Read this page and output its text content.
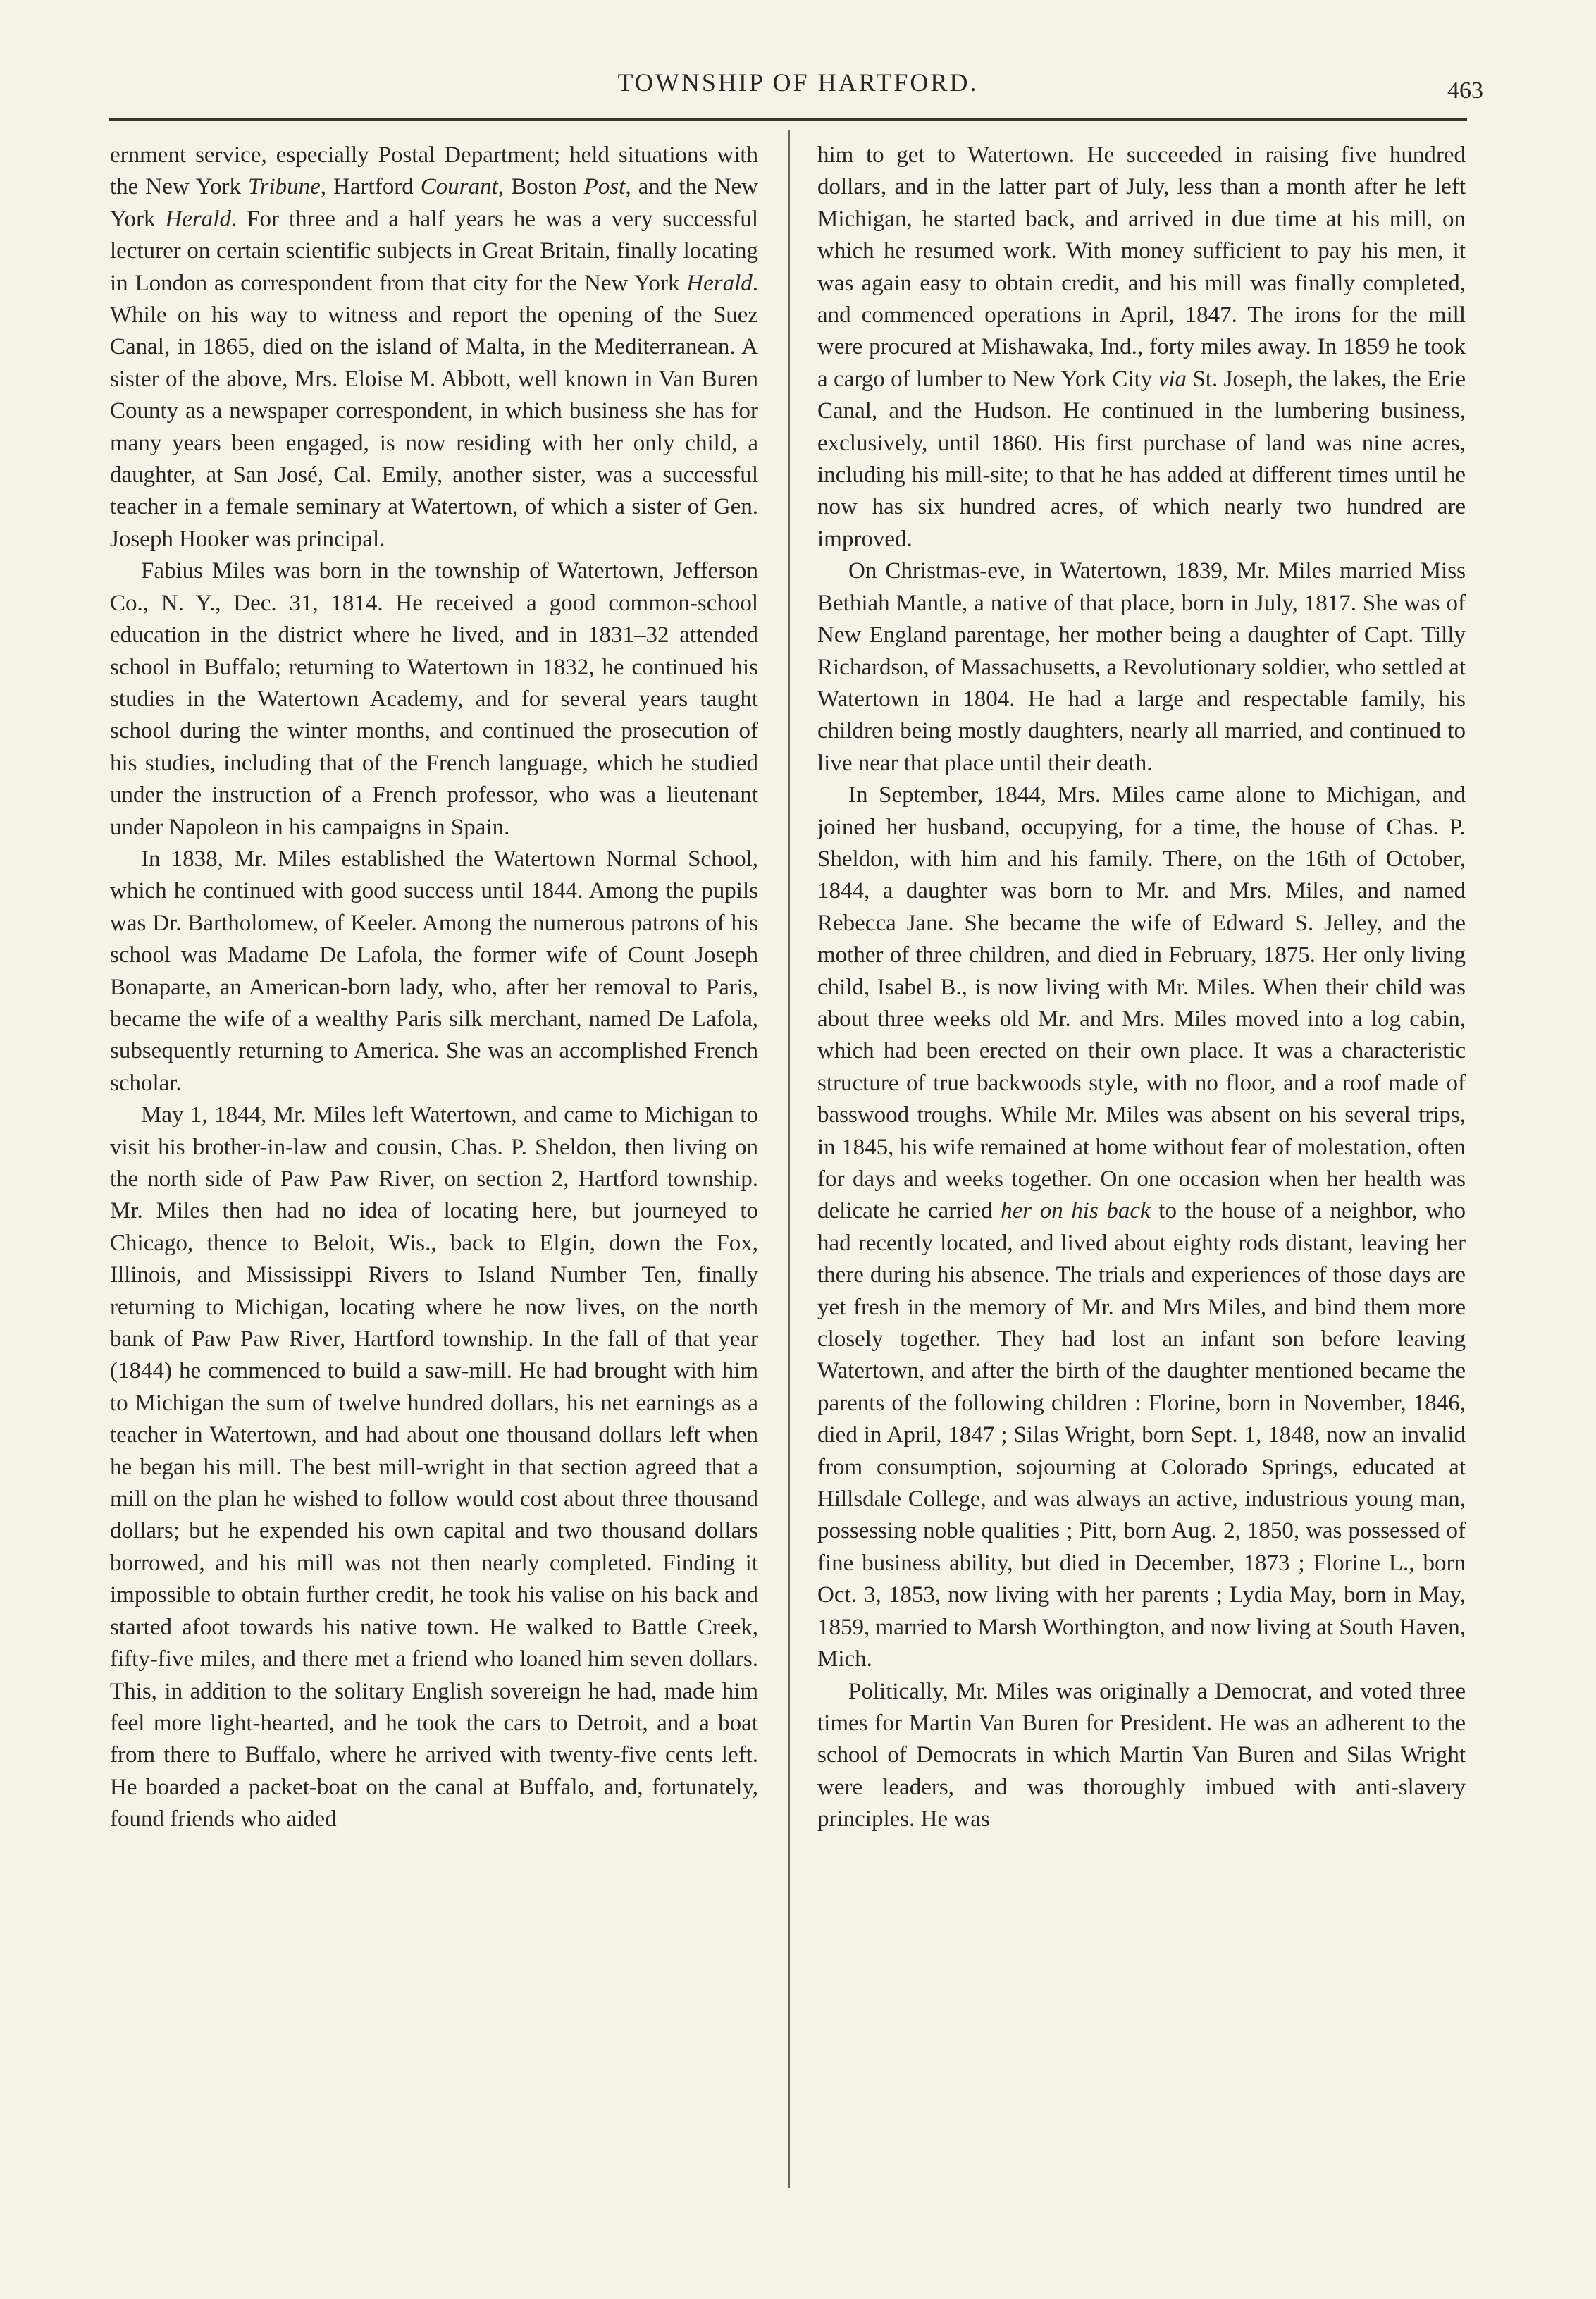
TOWNSHIP OF HARTFORD.	463

ernment service, especially Postal Department; held situations with the New York Tribune, Hartford Courant, Boston Post, and the New York Herald. For three and a half years he was a very successful lecturer on certain scientific subjects in Great Britain, finally locating in London as correspondent from that city for the New York Herald. While on his way to witness and report the opening of the Suez Canal, in 1865, died on the island of Malta, in the Mediterranean. A sister of the above, Mrs. Eloise M. Abbott, well known in Van Buren County as a newspaper correspondent, in which business she has for many years been engaged, is now residing with her only child, a daughter, at San José, Cal. Emily, another sister, was a successful teacher in a female seminary at Watertown, of which a sister of Gen. Joseph Hooker was principal.

Fabius Miles was born in the township of Watertown, Jefferson Co., N. Y., Dec. 31, 1814. He received a good common-school education in the district where he lived, and in 1831–32 attended school in Buffalo; returning to Watertown in 1832, he continued his studies in the Watertown Academy, and for several years taught school during the winter months, and continued the prosecution of his studies, including that of the French language, which he studied under the instruction of a French professor, who was a lieutenant under Napoleon in his campaigns in Spain.

In 1838, Mr. Miles established the Watertown Normal School, which he continued with good success until 1844. Among the pupils was Dr. Bartholomew, of Keeler. Among the numerous patrons of his school was Madame De Lafola, the former wife of Count Joseph Bonaparte, an American-born lady, who, after her removal to Paris, became the wife of a wealthy Paris silk merchant, named De Lafola, subsequently returning to America. She was an accomplished French scholar.

May 1, 1844, Mr. Miles left Watertown, and came to Michigan to visit his brother-in-law and cousin, Chas. P. Sheldon, then living on the north side of Paw Paw River, on section 2, Hartford township. Mr. Miles then had no idea of locating here, but journeyed to Chicago, thence to Beloit, Wis., back to Elgin, down the Fox, Illinois, and Mississippi Rivers to Island Number Ten, finally returning to Michigan, locating where he now lives, on the north bank of Paw Paw River, Hartford township. In the fall of that year (1844) he commenced to build a saw-mill. He had brought with him to Michigan the sum of twelve hundred dollars, his net earnings as a teacher in Watertown, and had about one thousand dollars left when he began his mill. The best mill-wright in that section agreed that a mill on the plan he wished to follow would cost about three thousand dollars; but he expended his own capital and two thousand dollars borrowed, and his mill was not then nearly completed. Finding it impossible to obtain further credit, he took his valise on his back and started afoot towards his native town. He walked to Battle Creek, fifty-five miles, and there met a friend who loaned him seven dollars. This, in addition to the solitary English sovereign he had, made him feel more light-hearted, and he took the cars to Detroit, and a boat from there to Buffalo, where he arrived with twenty-five cents left. He boarded a packet-boat on the canal at Buffalo, and, fortunately, found friends who aided

him to get to Watertown. He succeeded in raising five hundred dollars, and in the latter part of July, less than a month after he left Michigan, he started back, and arrived in due time at his mill, on which he resumed work. With money sufficient to pay his men, it was again easy to obtain credit, and his mill was finally completed, and commenced operations in April, 1847. The irons for the mill were procured at Mishawaka, Ind., forty miles away. In 1859 he took a cargo of lumber to New York City via St. Joseph, the lakes, the Erie Canal, and the Hudson. He continued in the lumbering business, exclusively, until 1860. His first purchase of land was nine acres, including his mill-site; to that he has added at different times until he now has six hundred acres, of which nearly two hundred are improved.

On Christmas-eve, in Watertown, 1839, Mr. Miles married Miss Bethiah Mantle, a native of that place, born in July, 1817. She was of New England parentage, her mother being a daughter of Capt. Tilly Richardson, of Massachusetts, a Revolutionary soldier, who settled at Watertown in 1804. He had a large and respectable family, his children being mostly daughters, nearly all married, and continued to live near that place until their death.

In September, 1844, Mrs. Miles came alone to Michigan, and joined her husband, occupying, for a time, the house of Chas. P. Sheldon, with him and his family. There, on the 16th of October, 1844, a daughter was born to Mr. and Mrs. Miles, and named Rebecca Jane. She became the wife of Edward S. Jelley, and the mother of three children, and died in February, 1875. Her only living child, Isabel B., is now living with Mr. Miles. When their child was about three weeks old Mr. and Mrs. Miles moved into a log cabin, which had been erected on their own place. It was a characteristic structure of true backwoods style, with no floor, and a roof made of basswood troughs. While Mr. Miles was absent on his several trips, in 1845, his wife remained at home without fear of molestation, often for days and weeks together. On one occasion when her health was delicate he carried her on his back to the house of a neighbor, who had recently located, and lived about eighty rods distant, leaving her there during his absence. The trials and experiences of those days are yet fresh in the memory of Mr. and Mrs Miles, and bind them more closely together. They had lost an infant son before leaving Watertown, and after the birth of the daughter mentioned became the parents of the following children : Florine, born in November, 1846, died in April, 1847 ; Silas Wright, born Sept. 1, 1848, now an invalid from consumption, sojourning at Colorado Springs, educated at Hillsdale College, and was always an active, industrious young man, possessing noble qualities ; Pitt, born Aug. 2, 1850, was possessed of fine business ability, but died in December, 1873 ; Florine L., born Oct. 3, 1853, now living with her parents ; Lydia May, born in May, 1859, married to Marsh Worthington, and now living at South Haven, Mich.

Politically, Mr. Miles was originally a Democrat, and voted three times for Martin Van Buren for President. He was an adherent to the school of Democrats in which Martin Van Buren and Silas Wright were leaders, and was thoroughly imbued with anti-slavery principles. He was
